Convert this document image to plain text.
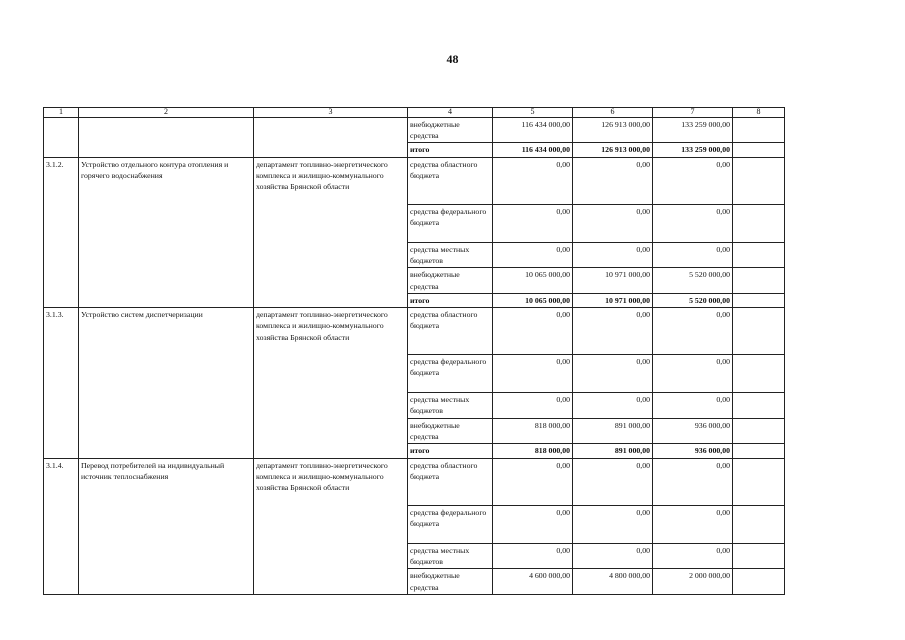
48
1	2	3	4	5	6	7	8
			внебюджетные средства	116 434 000,00	126 913 000,00	133 259 000,00	
			итого	116 434 000,00	126 913 000,00	133 259 000,00	
3.1.2.	Устройство отдельного контура отопления и горячего водоснабжения	департамент топливно-энергетического комплекса и жилищно-коммунального хозяйства Брянской области	средства областного бюджета	0,00	0,00	0,00	
			средства федерального бюджета	0,00	0,00	0,00	
			средства местных бюджетов	0,00	0,00	0,00	
			внебюджетные средства	10 065 000,00	10 971 000,00	5 520 000,00	
			итого	10 065 000,00	10 971 000,00	5 520 000,00	
3.1.3.	Устройство систем диспетчеризации	департамент топливно-энергетического комплекса и жилищно-коммунального хозяйства Брянской области	средства областного бюджета	0,00	0,00	0,00	
			средства федерального бюджета	0,00	0,00	0,00	
			средства местных бюджетов	0,00	0,00	0,00	
			внебюджетные средства	818 000,00	891 000,00	936 000,00	
			итого	818 000,00	891 000,00	936 000,00	
3.1.4.	Перевод потребителей на индивидуальный источник теплоснабжения	департамент топливно-энергетического комплекса и жилищно-коммунального хозяйства Брянской области	средства областного бюджета	0,00	0,00	0,00	
			средства федерального бюджета	0,00	0,00	0,00	
			средства местных бюджетов	0,00	0,00	0,00	
			внебюджетные средства	4 600 000,00	4 800 000,00	2 000 000,00	
